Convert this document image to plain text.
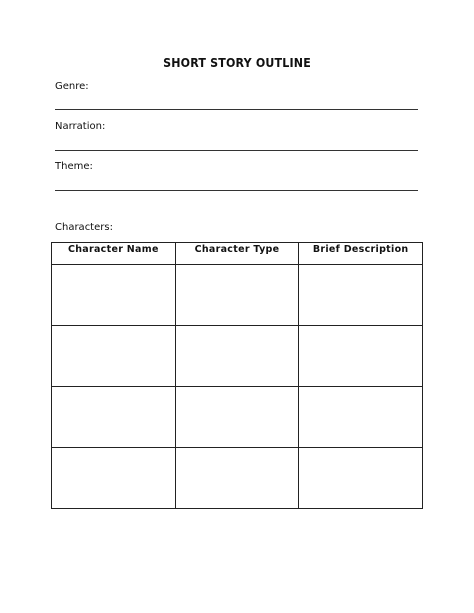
SHORT STORY OUTLINE
Genre:
Narration:
Theme:
Characters:
Character Name	Character Type	Brief Description
